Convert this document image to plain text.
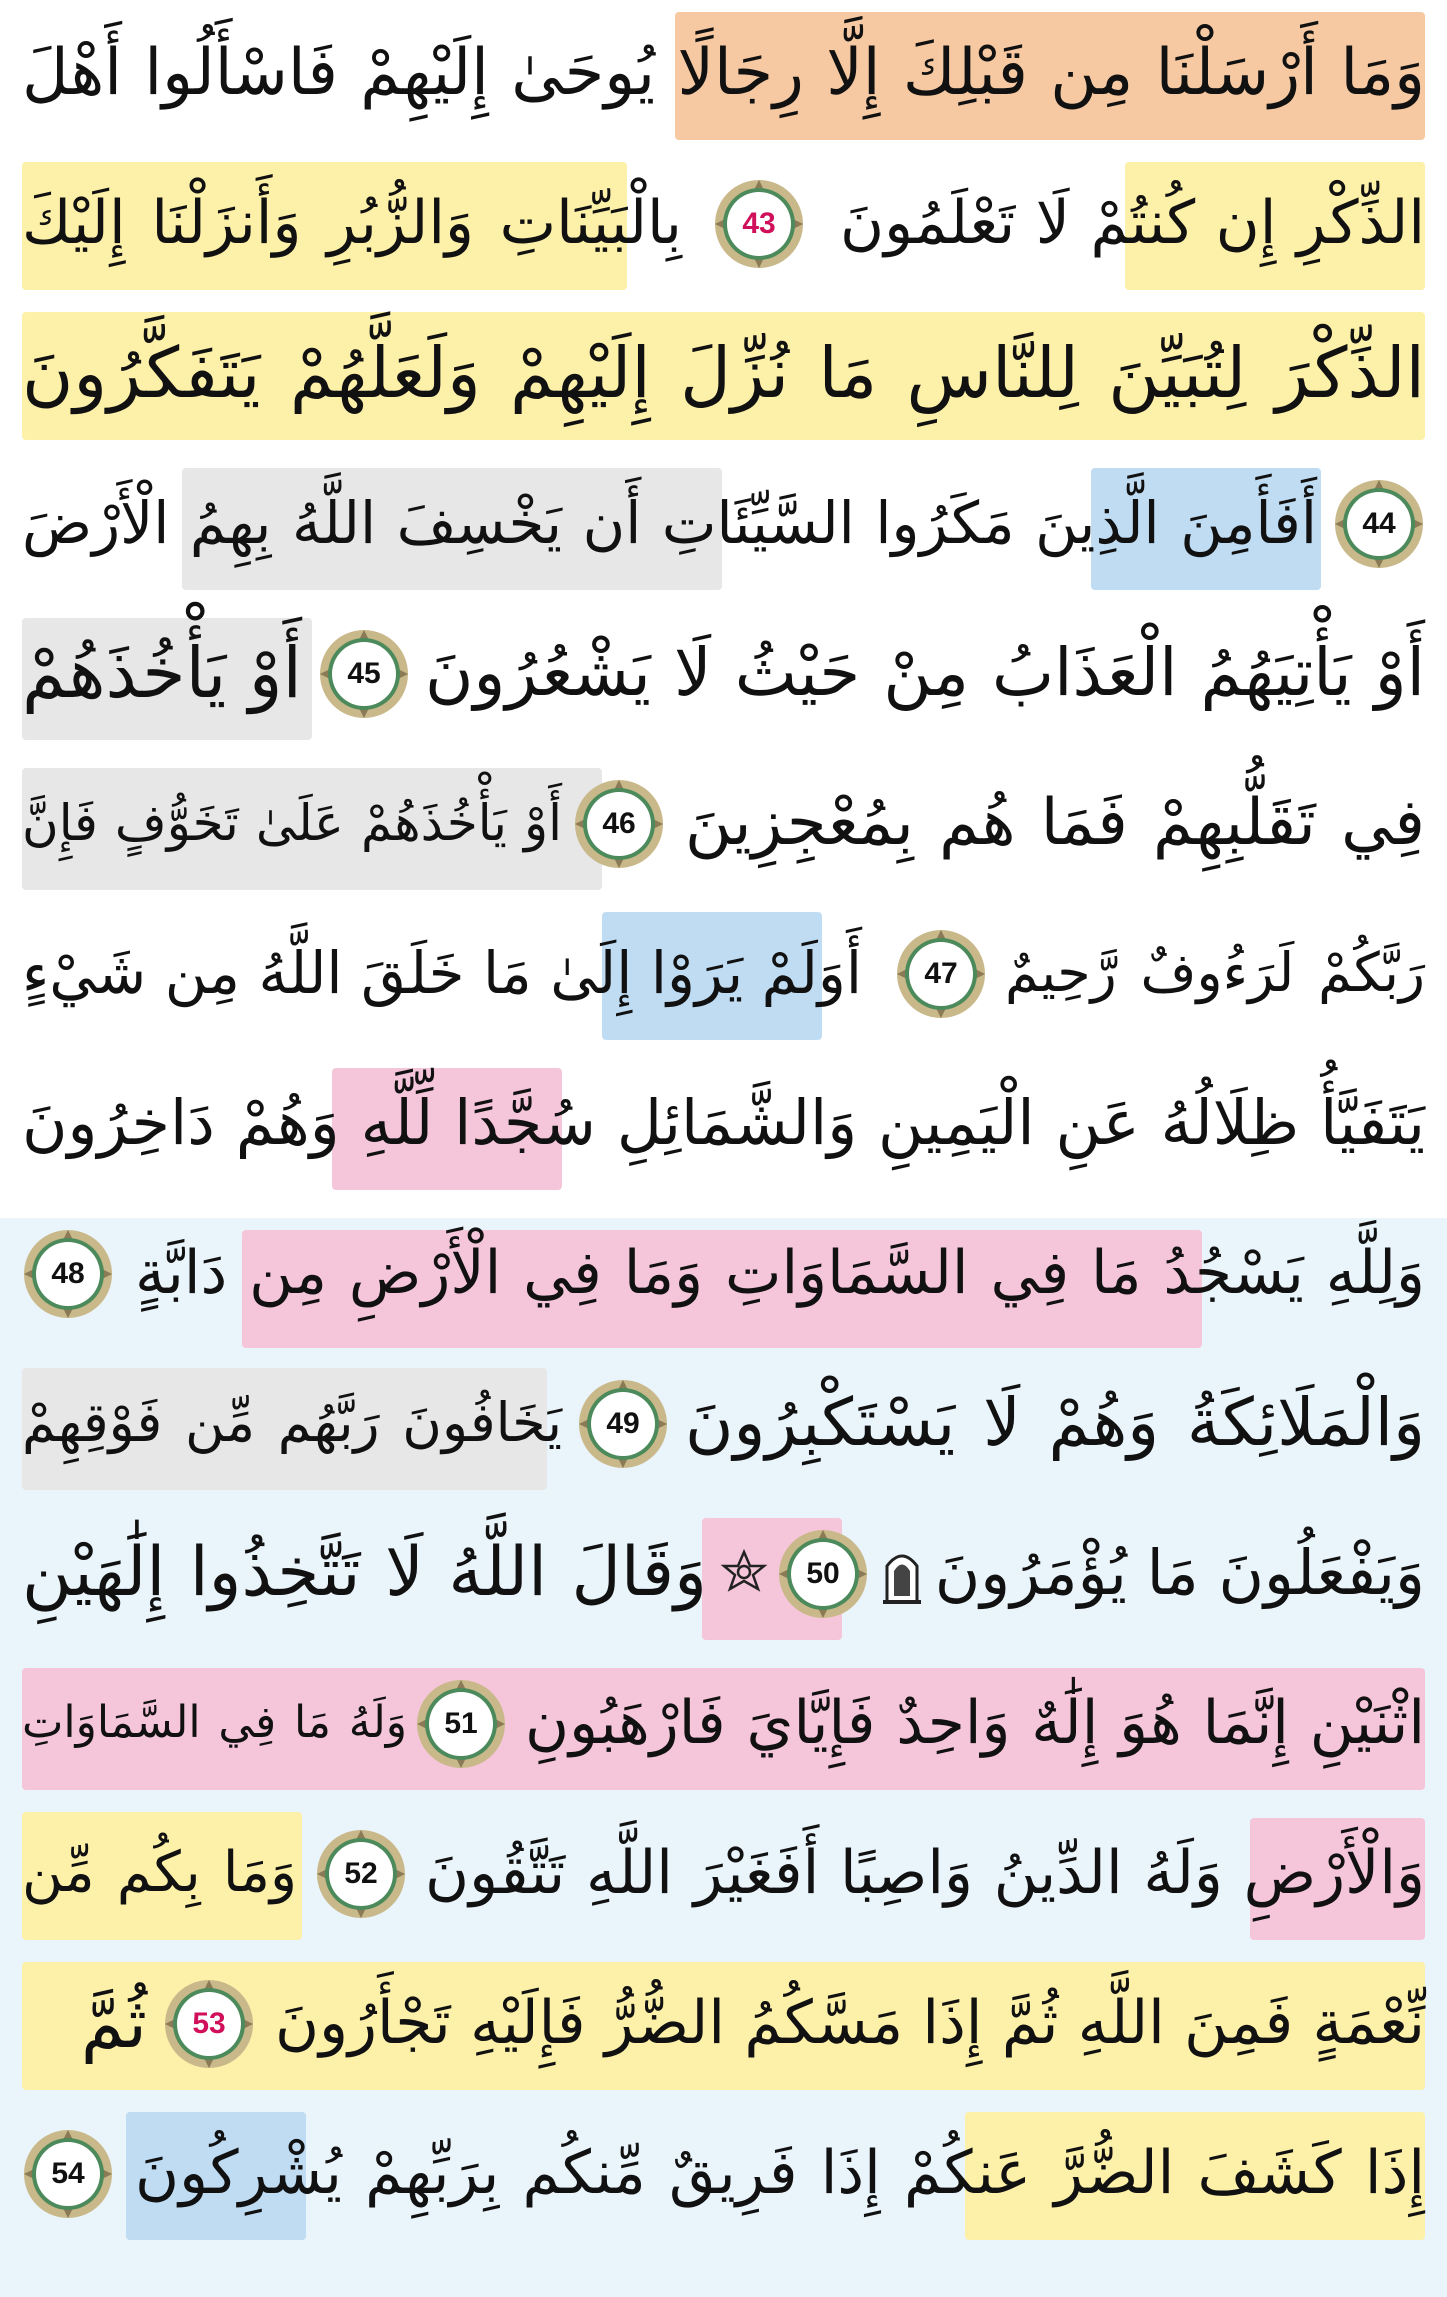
وَمَا أَرْسَلْنَا مِن قَبْلِكَ إِلَّا رِجَالًا يُوحَىٰ إِلَيْهِمْ فَاسْأَلُوا أَهْلَ
الذِّكْرِ إِن كُنتُمْ لَا تَعْلَمُونَ
43
بِالْبَيِّنَاتِ وَالزُّبُرِ وَأَنزَلْنَا إِلَيْكَ
الذِّكْرَ لِتُبَيِّنَ لِلنَّاسِ مَا نُزِّلَ إِلَيْهِمْ وَلَعَلَّهُمْ يَتَفَكَّرُونَ
44
أَفَأَمِنَ الَّذِينَ مَكَرُوا السَّيِّئَاتِ أَن يَخْسِفَ اللَّهُ بِهِمُ الْأَرْضَ
أَوْ يَأْتِيَهُمُ الْعَذَابُ مِنْ حَيْثُ لَا يَشْعُرُونَ
45
أَوْ يَأْخُذَهُمْ
فِي تَقَلُّبِهِمْ فَمَا هُم بِمُعْجِزِينَ
46
أَوْ يَأْخُذَهُمْ عَلَىٰ تَخَوُّفٍ فَإِنَّ
رَبَّكُمْ لَرَءُوفٌ رَّحِيمٌ
47
أَوَلَمْ يَرَوْا إِلَىٰ مَا خَلَقَ اللَّهُ مِن شَيْءٍ
يَتَفَيَّأُ ظِلَالُهُ عَنِ الْيَمِينِ وَالشَّمَائِلِ سُجَّدًا لِّلَّهِ وَهُمْ دَاخِرُونَ
48 وَلِلَّهِ يَسْجُدُ مَا فِي السَّمَاوَاتِ وَمَا فِي الْأَرْضِ مِن دَابَّةٍ
وَالْمَلَائِكَةُ وَهُمْ لَا يَسْتَكْبِرُونَ
49
يَخَافُونَ رَبَّهُم مِّن فَوْقِهِمْ
وَيَفْعَلُونَ مَا يُؤْمَرُونَ
50
وَقَالَ اللَّهُ لَا تَتَّخِذُوا إِلَٰهَيْنِ
اثْنَيْنِ إِنَّمَا هُوَ إِلَٰهٌ وَاحِدٌ فَإِيَّايَ فَارْهَبُونِ
51
وَلَهُ مَا فِي السَّمَاوَاتِ
وَالْأَرْضِ وَلَهُ الدِّينُ وَاصِبًا أَفَغَيْرَ اللَّهِ تَتَّقُونَ
52
وَمَا بِكُم مِّن
نِّعْمَةٍ فَمِنَ اللَّهِ ثُمَّ إِذَا مَسَّكُمُ الضُّرُّ فَإِلَيْهِ تَجْأَرُونَ
53
ثُمَّ
54 إِذَا كَشَفَ الضُّرَّ عَنكُمْ إِذَا فَرِيقٌ مِّنكُم بِرَبِّهِمْ يُشْرِكُونَ
